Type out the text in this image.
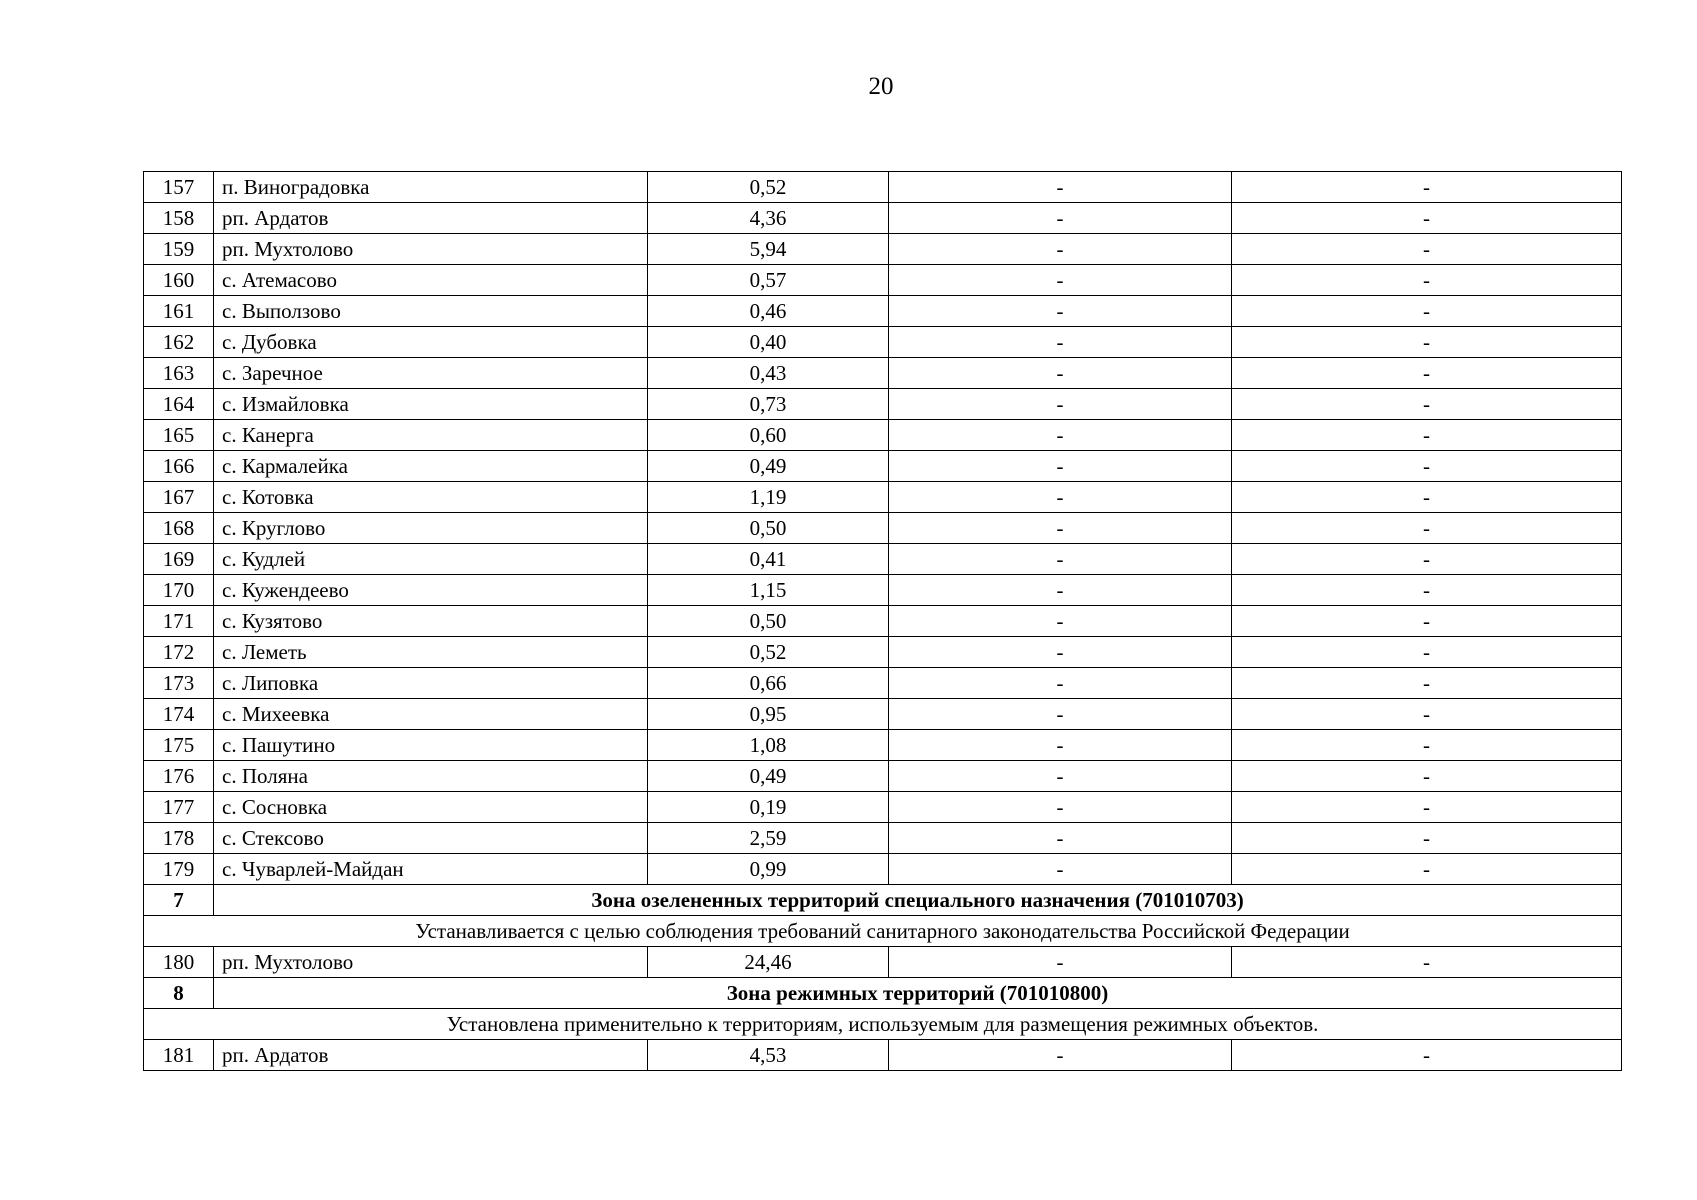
20
157	п. Виноградовка	0,52	-	-
158	рп. Ардатов	4,36	-	-
159	рп. Мухтолово	5,94	-	-
160	с. Атемасово	0,57	-	-
161	с. Выползово	0,46	-	-
162	с. Дубовка	0,40	-	-
163	с. Заречное	0,43	-	-
164	с. Измайловка	0,73	-	-
165	с. Канерга	0,60	-	-
166	с. Кармалейка	0,49	-	-
167	с. Котовка	1,19	-	-
168	с. Круглово	0,50	-	-
169	с. Кудлей	0,41	-	-
170	с. Кужендеево	1,15	-	-
171	с. Кузятово	0,50	-	-
172	с. Леметь	0,52	-	-
173	с. Липовка	0,66	-	-
174	с. Михеевка	0,95	-	-
175	с. Пашутино	1,08	-	-
176	с. Поляна	0,49	-	-
177	с. Сосновка	0,19	-	-
178	с. Стексово	2,59	-	-
179	с. Чуварлей-Майдан	0,99	-	-
7	Зона озелененных территорий специального назначения (701010703)			
Устанавливается с целью соблюдения требований санитарного законодательства Российской Федерации				
180	рп. Мухтолово	24,46	-	-
8	Зона режимных территорий (701010800)			
Установлена применительно к территориям, используемым для размещения режимных объектов.				
181	рп. Ардатов	4,53	-	-
